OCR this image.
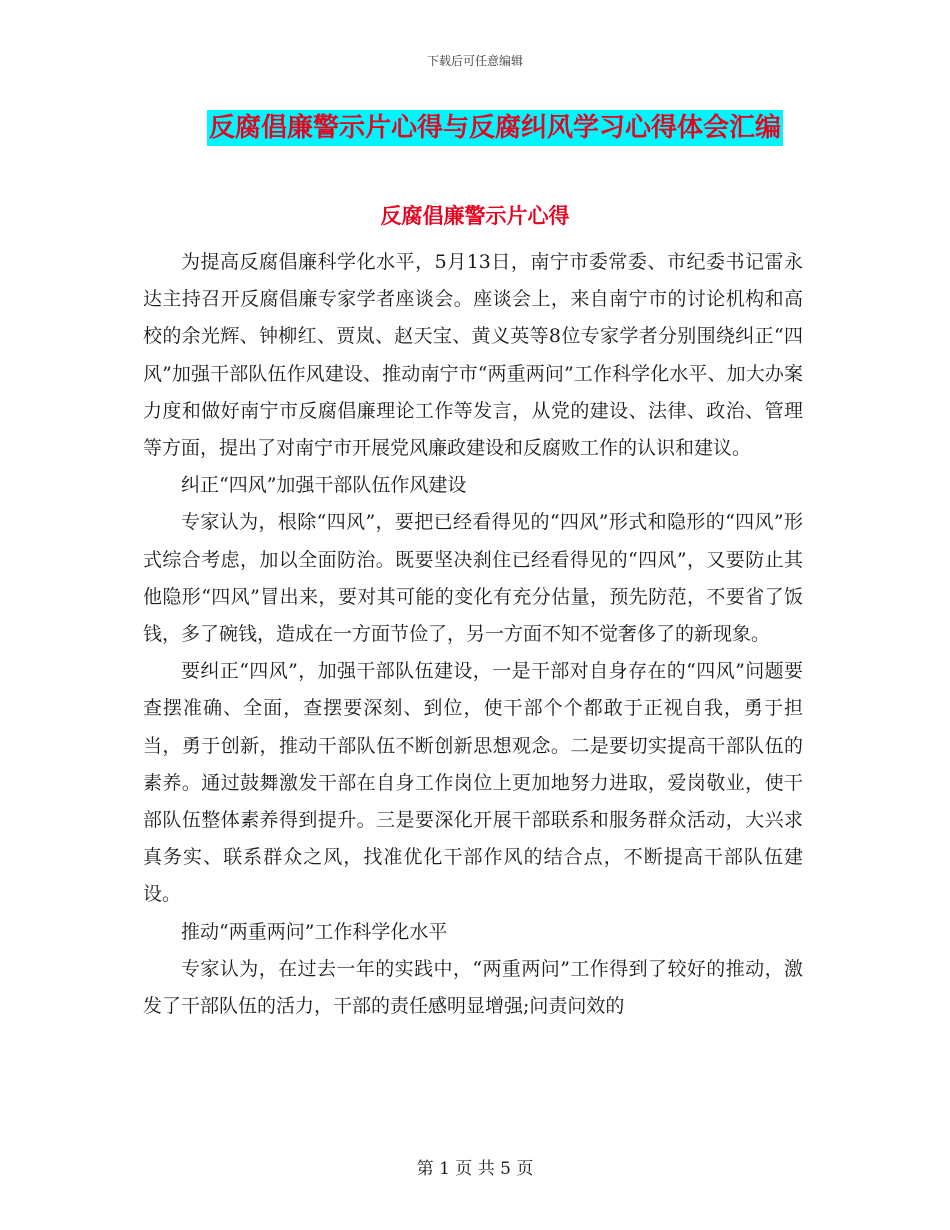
下载后可任意编辑
反腐倡廉警示片心得与反腐纠风学习心得体会汇编
反腐倡廉警示片心得

为提高反腐倡廉科学化水平，5月13日，南宁市委常委、市纪委书记雷永达主持召开反腐倡廉专家学者座谈会。座谈会上，来自南宁市的讨论机构和高校的余光辉、钟柳红、贾岚、赵天宝、黄义英等8位专家学者分别围绕纠正“四风”加强干部队伍作风建设、推动南宁市“两重两问”工作科学化水平、加大办案力度和做好南宁市反腐倡廉理论工作等发言，从党的建设、法律、政治、管理等方面，提出了对南宁市开展党风廉政建设和反腐败工作的认识和建议。

纠正“四风”加强干部队伍作风建设

专家认为，根除“四风”，要把已经看得见的“四风”形式和隐形的“四风”形式综合考虑，加以全面防治。既要坚决刹住已经看得见的“四风”，又要防止其他隐形“四风”冒出来，要对其可能的变化有充分估量，预先防范，不要省了饭钱，多了碗钱，造成在一方面节俭了，另一方面不知不觉奢侈了的新现象。

要纠正“四风”，加强干部队伍建设，一是干部对自身存在的“四风”问题要查摆准确、全面，查摆要深刻、到位，使干部个个都敢于正视自我，勇于担当，勇于创新，推动干部队伍不断创新思想观念。二是要切实提高干部队伍的素养。通过鼓舞激发干部在自身工作岗位上更加地努力进取，爱岗敬业，使干部队伍整体素养得到提升。三是要深化开展干部联系和服务群众活动，大兴求真务实、联系群众之风，找准优化干部作风的结合点，不断提高干部队伍建设。

推动“两重两问”工作科学化水平

专家认为，在过去一年的实践中，“两重两问”工作得到了较好的推动，激发了干部队伍的活力，干部的责任感明显增强;问责问效的

第 1 页 共 5 页
